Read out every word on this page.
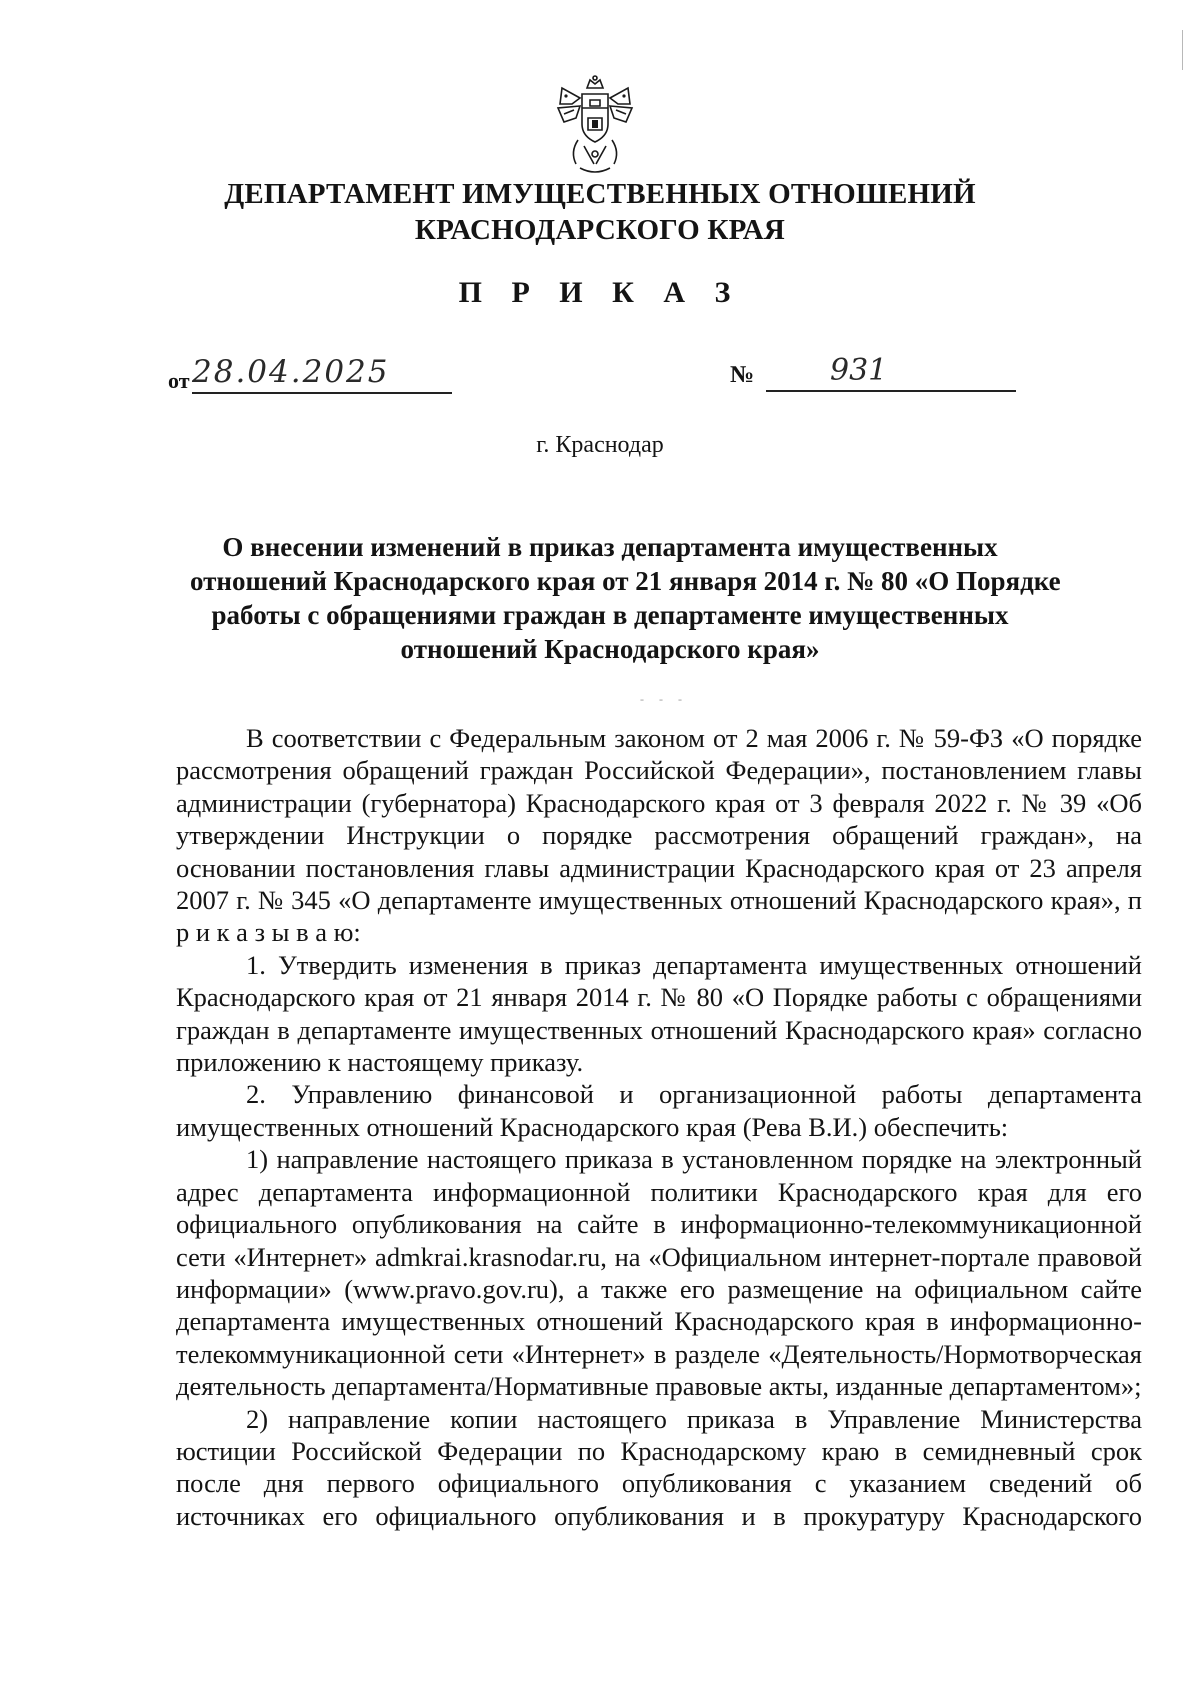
ДЕПАРТАМЕНТ ИМУЩЕСТВЕННЫХ ОТНОШЕНИЙ
КРАСНОДАРСКОГО КРАЯ
П Р И К А З
от 28.04.2025	№	931
г. Краснодар
О внесении изменений в приказ департамента имущественных
отношений Краснодарского края от 21 января 2014 г. № 80 «О Порядке
работы с обращениями граждан в департаменте имущественных
отношений Краснодарского края»
- - -

В соответствии с Федеральным законом от 2 мая 2006 г. № 59-ФЗ «О порядке рассмотрения обращений граждан Российской Федерации», постановлением главы администрации (губернатора) Краснодарского края от 3 февраля 2022 г. № 39 «Об утверждении Инструкции о порядке рассмотрения обращений граждан», на основании постановления главы администрации Краснодарского края от 23 апреля 2007 г. № 345 «О департаменте имущественных отношений Краснодарского края», п р и к а з ы в а ю:

1. Утвердить изменения в приказ департамента имущественных отношений Краснодарского края от 21 января 2014 г. № 80 «О Порядке работы с обращениями граждан в департаменте имущественных отношений Краснодарского края» согласно приложению к настоящему приказу.

2. Управлению финансовой и организационной работы департамента имущественных отношений Краснодарского края (Рева В.И.) обеспечить:

1) направление настоящего приказа в установленном порядке на электронный адрес департамента информационной политики Краснодарского края для его официального опубликования на сайте в информационно-телекоммуникационной сети «Интернет» admkrai.krasnodar.ru, на «Официальном интернет-портале правовой информации» (www.pravo.gov.ru), а также его размещение на официальном сайте департамента имущественных отношений Краснодарского края в информационно-телекоммуникационной сети «Интернет» в разделе «Деятельность/Нормотворческая деятельность департамента/Нормативные правовые акты, изданные департаментом»;

2) направление копии настоящего приказа в Управление Министерства юстиции Российской Федерации по Краснодарскому краю в семидневный срок после дня первого официального опубликования с указанием сведений об источниках его официального опубликования и в прокуратуру Краснодарского
